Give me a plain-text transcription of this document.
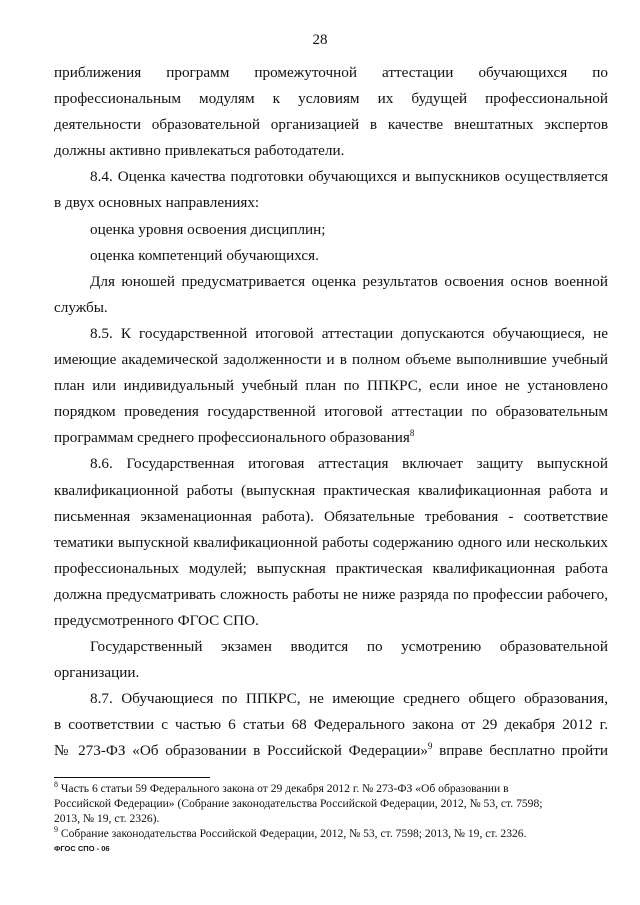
28

приближения программ промежуточной аттестации обучающихся по

профессиональным модулям к условиям их будущей профессиональной

деятельности образовательной организацией в качестве внештатных экспертов

должны активно привлекаться работодатели.

8.4. Оценка качества подготовки обучающихся и выпускников осуществляется

в двух основных направлениях:

оценка уровня освоения дисциплин;

оценка компетенций обучающихся.

Для юношей предусматривается оценка результатов освоения основ военной

службы.

8.5. К государственной итоговой аттестации допускаются обучающиеся, не

имеющие академической задолженности и в полном объеме выполнившие учебный

план или индивидуальный учебный план по ППКРС, если иное не установлено

порядком проведения государственной итоговой аттестации по образовательным

программам среднего профессионального образования$^8$

8.6. Государственная итоговая аттестация включает защиту выпускной

квалификационной работы (выпускная практическая квалификационная работа и

письменная экзаменационная работа). Обязательные требования - соответствие

тематики выпускной квалификационной работы содержанию одного или нескольких

профессиональных модулей; выпускная практическая квалификационная работа

должна предусматривать сложность работы не ниже разряда по профессии рабочего,

предусмотренного ФГОС СПО.

Государственный экзамен вводится по усмотрению образовательной

организации.

8.7. Обучающиеся по ППКРС, не имеющие среднего общего образования,

в соответствии с частью 6 статьи 68 Федерального закона от 29 декабря 2012 г.

№ 273-ФЗ «Об образовании в Российской Федерации»$^9$ вправе бесплатно пройти

$^8$ Часть 6 статьи 59 Федерального закона от 29 декабря 2012 г. № 273-ФЗ «Об образовании в

Российской Федерации» (Собрание законодательства Российской Федерации, 2012, № 53, ст. 7598;

2013, № 19, ст. 2326).

$^9$ Собрание законодательства Российской Федерации, 2012, № 53, ст. 7598; 2013, № 19, ст. 2326.

ФГОС СПО - 06
